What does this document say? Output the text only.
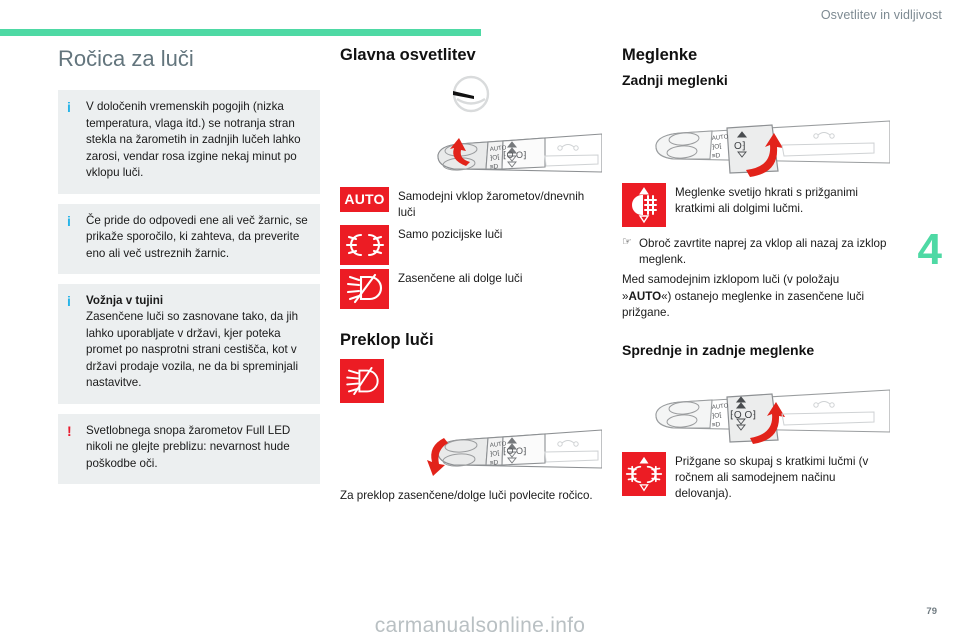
Osvetlitev in vidljivost
4
Ročica za luči
i V določenih vremenskih pogojih (nizka temperatura, vlaga itd.) se notranja stran stekla na žarometih in zadnjih lučeh lahko zarosi, vendar rosa izgine nekaj minut po vklopu luči.

i Če pride do odpovedi ene ali več žarnic, se prikaže sporočilo, ki zahteva, da preverite eno ali več ustreznih žarnic.

i Vožnja v tujini

Zasenčene luči so zasnovane tako, da jih lahko uporabljate v državi, kjer poteka promet po nasprotni strani cestišča, kot v državi prodaje vozila, ne da bi spreminjali nastavitve.

! Svetlobnega snopa žarometov Full LED nikoli ne glejte preblizu: nevarnost hude poškodbe oči.

Glavna osvetlitev
AUTO
⁆O⁅
≡D
⁅O O⁆
AUTO	Samodejni vklop žarometov/dnevnih luči
Samo pozicijske luči
Zasenčene ali dolge luči
Preklop luči
AUTO
⁆O⁅
≡D
⁅O O⁆

Za preklop zasenčene/dolge luči povlecite ročico.

Meglenke
Zadnji meglenki
AUTO
⁆O⁅
≡D
O⁆
Meglenke svetijo hkrati s prižganimi kratkimi ali dolgimi lučmi.
☞ Obroč zavrtite naprej za vklop ali nazaj za izklop meglenk.

Med samodejnim izklopom luči (v položaju »AUTO«) ostanejo meglenke in zasenčene luči prižgane.

Sprednje in zadnje meglenke
AUTO
⁆O⁅
≡D
⁅O O⁆
Prižgane so skupaj s kratkimi lučmi (v ročnem ali samodejnem načinu delovanja).
carmanualsonline.info
79
